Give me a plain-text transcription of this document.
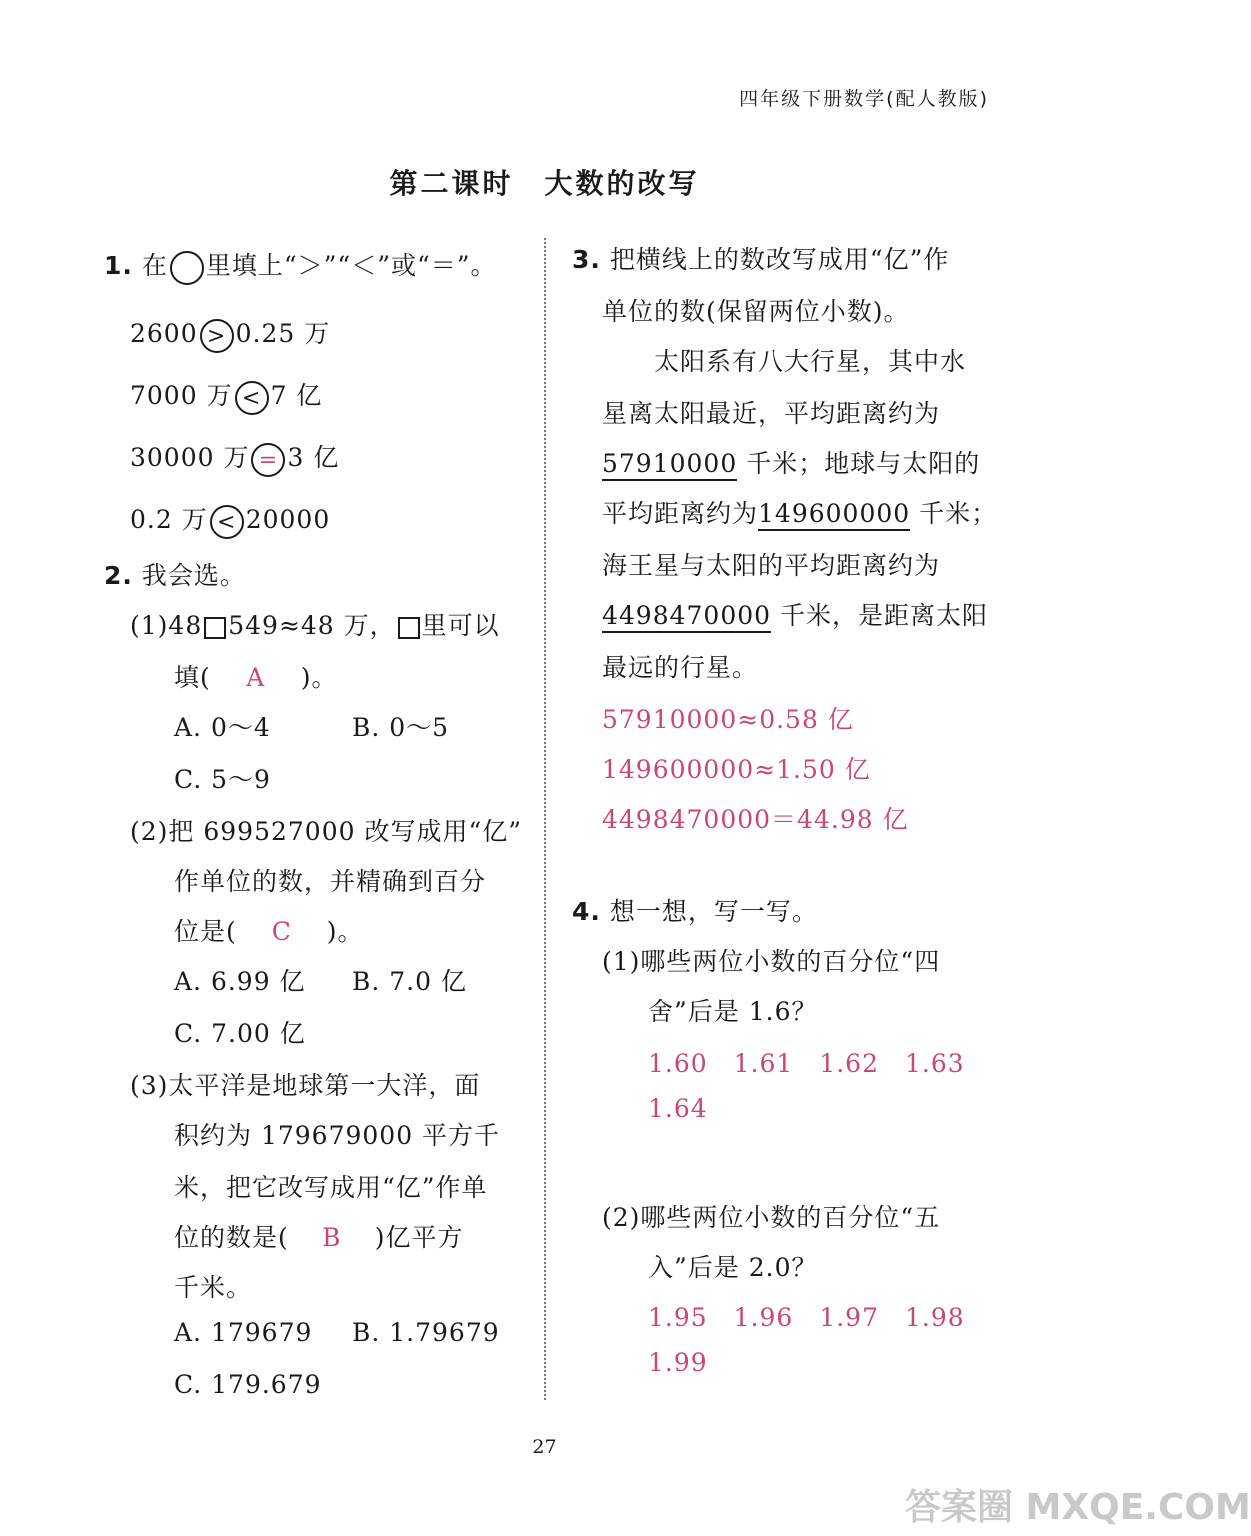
四年级下册数学(配人教版)
第二课时　大数的改写
1. 在 里填上“＞”“＜”或“＝”。
2600 > 0.25 万
7000 万 < 7 亿
30000 万 = 3 亿
0.2 万 < 20000
2. 我会选。
(1)48 549≈48 万， 里可以
填( A )。
A. 0～4	B. 0～5
C. 5～9
(2)把 699527000 改写成用“亿”
作单位的数，并精确到百分
位是( C )。
A. 6.99 亿 B. 7.0 亿
C. 7.00 亿
(3)太平洋是地球第一大洋，面
积约为 179679000 平方千
米，把它改写成用“亿”作单
位的数是( B )亿平方
千米。
A. 179679 B. 1.79679
C. 179.679
3. 把横线上的数改写成用“亿”作
单位的数(保留两位小数)。
太阳系有八大行星，其中水
星离太阳最近，平均距离约为
57910000 千米；地球与太阳的
平均距离约为149600000 千米；
海王星与太阳的平均距离约为
4498470000 千米，是距离太阳
最远的行星。
57910000≈0.58 亿
149600000≈1.50 亿
4498470000＝44.98 亿
4. 想一想，写一写。
(1)哪些两位小数的百分位“四
舍”后是 1.6？
1.60　1.61　1.62　1.63
1.64
(2)哪些两位小数的百分位“五
入”后是 2.0？
1.95　1.96　1.97　1.98
1.99
27
答案圈 MXQE.COM
